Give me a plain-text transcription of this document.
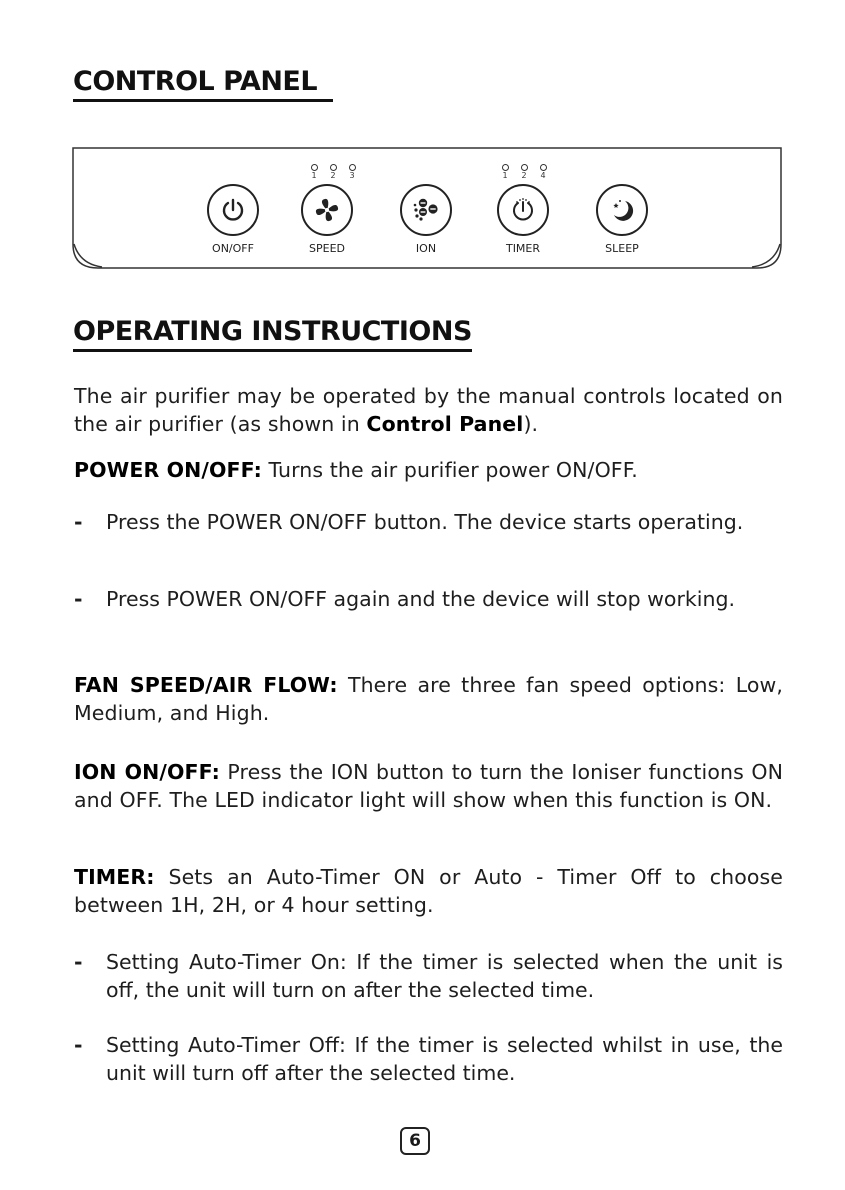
CONTROL PANEL
1 2 3	1 2 4
ON/OFF	SPEED	ION	TIMER	SLEEP
OPERATING INSTRUCTIONS

The air purifier may be operated by the manual controls located on the air purifier (as shown in Control Panel).

POWER ON/OFF: Turns the air purifier power ON/OFF.

- Press the POWER ON/OFF button. The device starts operating.
- Press POWER ON/OFF again and the device will stop working.

FAN SPEED/AIR FLOW: There are three fan speed options: Low, Medium, and High.

ION ON/OFF: Press the ION button to turn the Ioniser functions ON and OFF. The LED indicator light will show when this function is ON.

TIMER: Sets an Auto-Timer ON or Auto - Timer Off to choose between 1H, 2H, or 4 hour setting.

- Setting Auto-Timer On: If the timer is selected when the unit is off, the unit will turn on after the selected time.
- Setting Auto-Timer Off: If the timer is selected whilst in use, the unit will turn off after the selected time.
6
